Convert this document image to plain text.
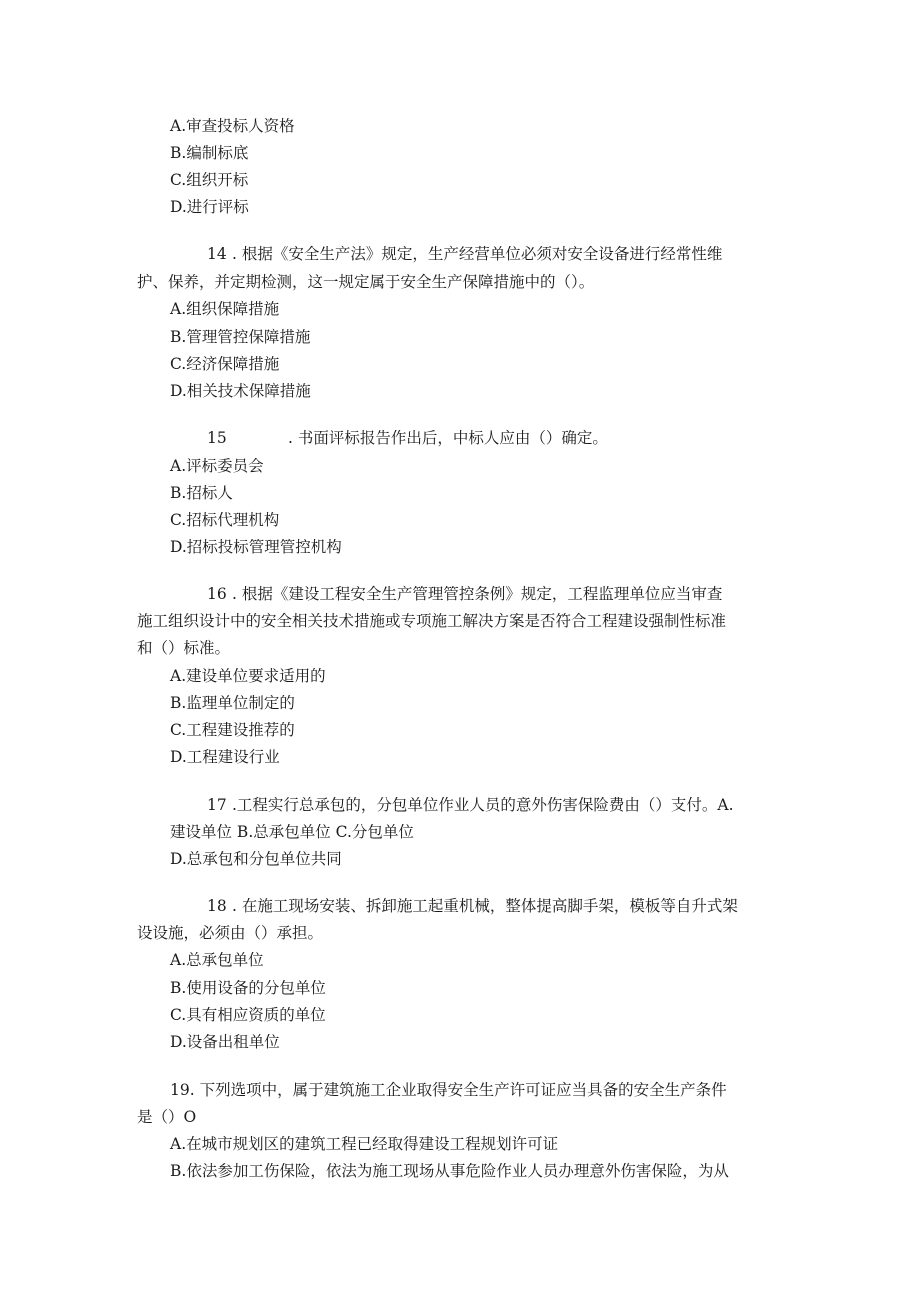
A.审查投标人资格
B.编制标底
C.组织开标
D.进行评标
14 . 根据《安全生产法》规定，生产经营单位必须对安全设备进行经常性维
护、保养，并定期检测，这一规定属于安全生产保障措施中的（）。
A.组织保障措施
B.管理管控保障措施
C.经济保障措施
D.相关技术保障措施
15	. 书面评标报告作出后，中标人应由（）确定。
A.评标委员会
B.招标人
C.招标代理机构
D.招标投标管理管控机构
16 . 根据《建设工程安全生产管理管控条例》规定，工程监理单位应当审查
施工组织设计中的安全相关技术措施或专项施工解决方案是否符合工程建设强制性标准
和（）标准。
A.建设单位要求适用的
B.监理单位制定的
C.工程建设推荐的
D.工程建设行业
17 .工程实行总承包的，分包单位作业人员的意外伤害保险费由（）支付。A.
建设单位 B.总承包单位 C.分包单位
D.总承包和分包单位共同
18 . 在施工现场安装、拆卸施工起重机械，整体提高脚手架，模板等自升式架
设设施，必须由（）承担。
A.总承包单位
B.使用设备的分包单位
C.具有相应资质的单位
D.设备出租单位
19. 下列选项中，属于建筑施工企业取得安全生产许可证应当具备的安全生产条件
是（）O
A.在城市规划区的建筑工程已经取得建设工程规划许可证
B.依法参加工伤保险，依法为施工现场从事危险作业人员办理意外伤害保险，为从
